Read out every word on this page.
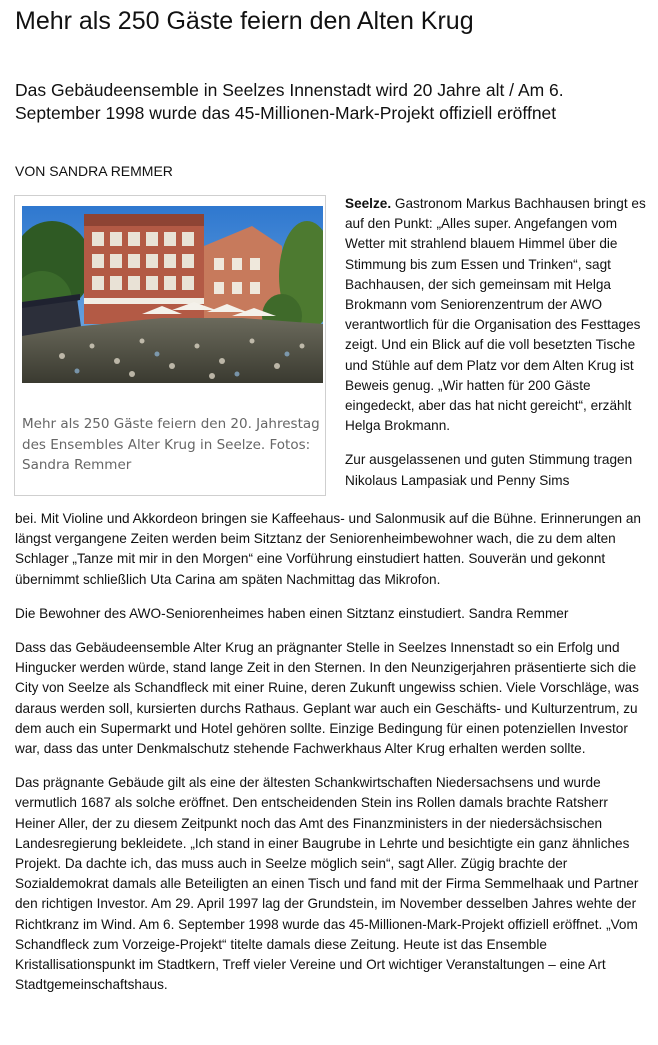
Mehr als 250 Gäste feiern den Alten Krug
Das Gebäudeensemble in Seelzes Innenstadt wird 20 Jahre alt / Am 6. September 1998 wurde das 45-Millionen-Mark-Projekt offiziell eröffnet
VON SANDRA REMMER
Mehr als 250 Gäste feiern den 20. Jahrestag des Ensembles Alter Krug in Seelze. Fotos: Sandra Remmer

Seelze. Gastronom Markus Bachhausen bringt es auf den Punkt: „Alles super. Angefangen vom Wetter mit strahlend blauem Himmel über die Stimmung bis zum Essen und Trinken“, sagt Bachhausen, der sich gemeinsam mit Helga Brokmann vom Seniorenzentrum der AWO verantwortlich für die Organisation des Festtages zeigt. Und ein Blick auf die voll besetzten Tische und Stühle auf dem Platz vor dem Alten Krug ist Beweis genug. „Wir hatten für 200 Gäste eingedeckt, aber das hat nicht gereicht“, erzählt Helga Brokmann.

Zur ausgelassenen und guten Stimmung tragen Nikolaus Lampasiak und Penny Sims

bei. Mit Violine und Akkordeon bringen sie Kaffeehaus- und Salonmusik auf die Bühne. Erinnerungen an längst vergangene Zeiten werden beim Sitztanz der Seniorenheimbewohner wach, die zu dem alten Schlager „Tanze mit mir in den Morgen“ eine Vorführung einstudiert hatten. Souverän und gekonnt übernimmt schließlich Uta Carina am späten Nachmittag das Mikrofon.

Die Bewohner des AWO-Seniorenheimes haben einen Sitztanz einstudiert. Sandra Remmer

Dass das Gebäudeensemble Alter Krug an prägnanter Stelle in Seelzes Innenstadt so ein Erfolg und Hingucker werden würde, stand lange Zeit in den Sternen. In den Neunzigerjahren präsentierte sich die City von Seelze als Schandfleck mit einer Ruine, deren Zukunft ungewiss schien. Viele Vorschläge, was daraus werden soll, kursierten durchs Rathaus. Geplant war auch ein Geschäfts- und Kulturzentrum, zu dem auch ein Supermarkt und Hotel gehören sollte. Einzige Bedingung für einen potenziellen Investor war, dass das unter Denkmalschutz stehende Fachwerkhaus Alter Krug erhalten werden sollte.

Das prägnante Gebäude gilt als eine der ältesten Schankwirtschaften Niedersachsens und wurde vermutlich 1687 als solche eröffnet. Den entscheidenden Stein ins Rollen damals brachte Ratsherr Heiner Aller, der zu diesem Zeitpunkt noch das Amt des Finanzministers in der niedersächsischen Landesregierung bekleidete. „Ich stand in einer Baugrube in Lehrte und besichtigte ein ganz ähnliches Projekt. Da dachte ich, das muss auch in Seelze möglich sein“, sagt Aller. Zügig brachte der Sozialdemokrat damals alle Beteiligten an einen Tisch und fand mit der Firma Semmelhaak und Partner den richtigen Investor. Am 29. April 1997 lag der Grundstein, im November desselben Jahres wehte der Richtkranz im Wind. Am 6. September 1998 wurde das 45-Millionen-Mark-Projekt offiziell eröffnet. „Vom Schandfleck zum Vorzeige-Projekt“ titelte damals diese Zeitung. Heute ist das Ensemble Kristallisationspunkt im Stadtkern, Treff vieler Vereine und Ort wichtiger Veranstaltungen – eine Art Stadtgemeinschaftshaus.
